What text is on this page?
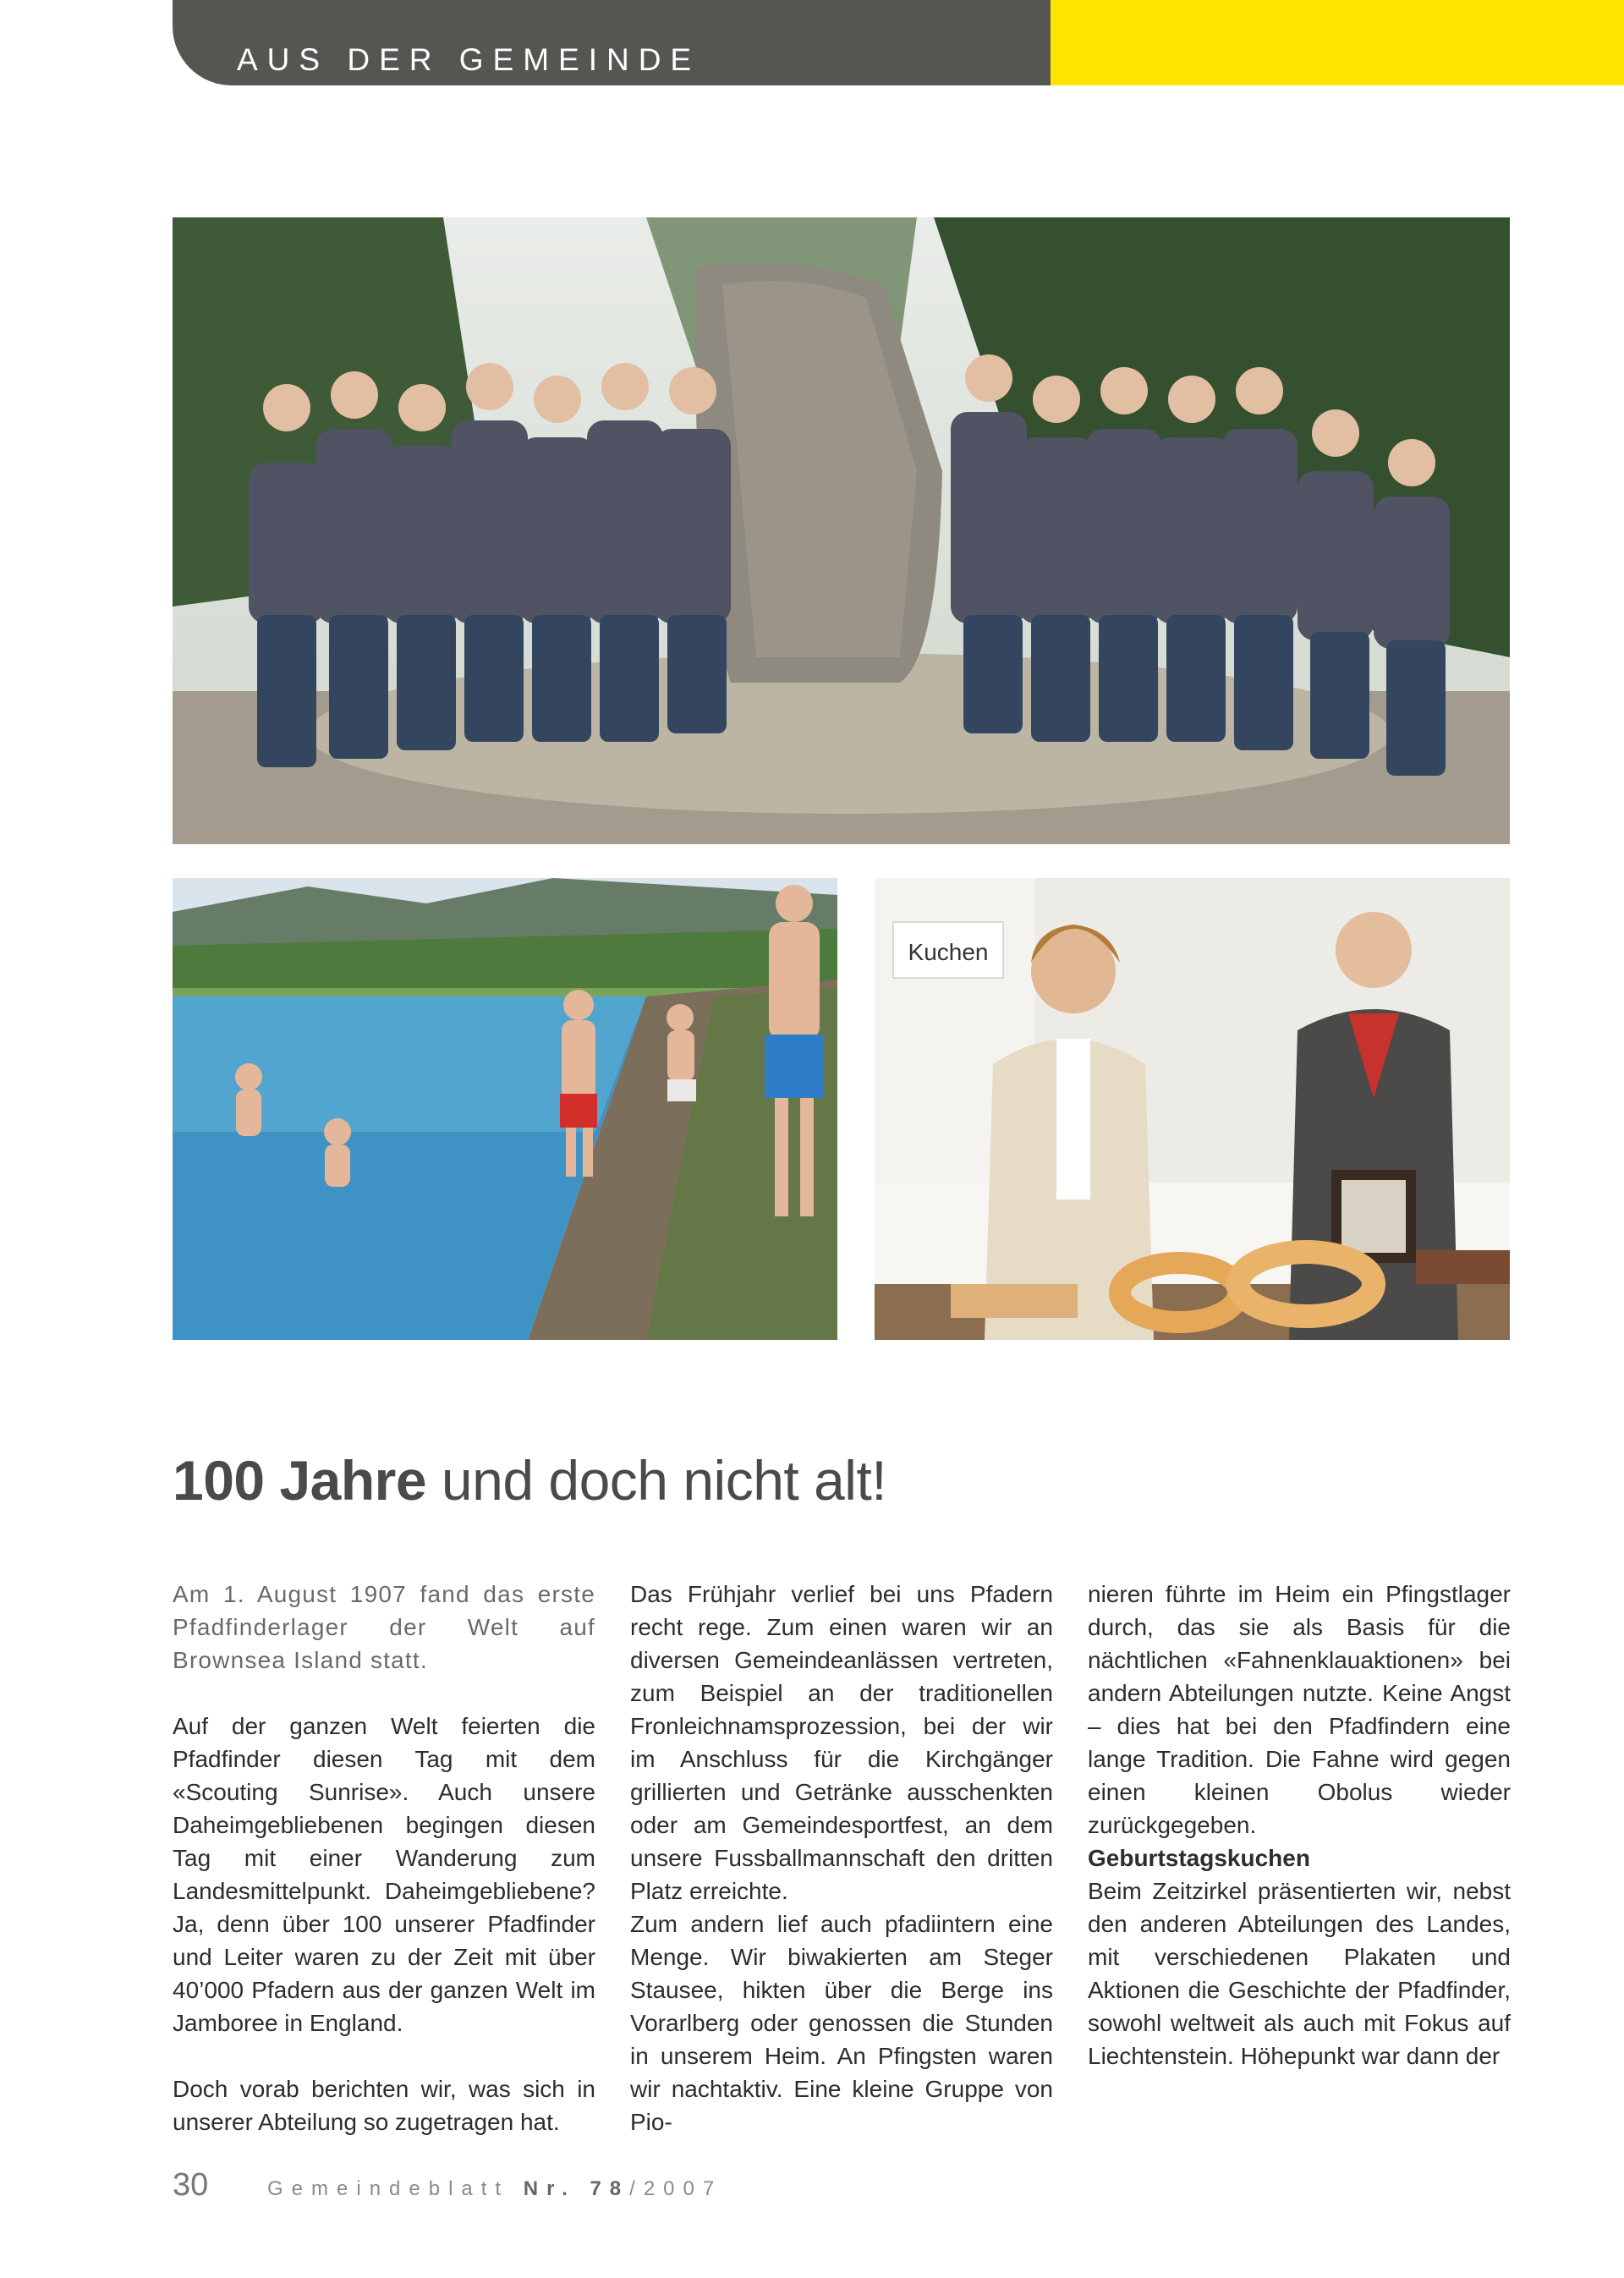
AUS DER GEMEINDE
Kuchen
100 Jahre und doch nicht alt!

Am 1. August 1907 fand das erste Pfadfinderlager der Welt auf Brownsea Island statt.

Auf der ganzen Welt feierten die Pfadfinder diesen Tag mit dem «Scouting Sunrise». Auch unsere Daheimgebliebenen begingen diesen Tag mit einer Wanderung zum Landesmittelpunkt. Daheimgebliebene? Ja, denn über 100 unserer Pfadfinder und Leiter waren zu der Zeit mit über 40’000 Pfadern aus der ganzen Welt im Jamboree in England.

Doch vorab berichten wir, was sich in unserer Abteilung so zugetragen hat.

Das Frühjahr verlief bei uns Pfadern recht rege. Zum einen waren wir an diversen Gemeindeanlässen vertreten, zum Beispiel an der traditionellen Fronleichnamsprozession, bei der wir im Anschluss für die Kirchgänger grillierten und Getränke ausschenkten oder am Gemeindesportfest, an dem unsere Fussballmannschaft den dritten Platz erreichte.

Zum andern lief auch pfadiintern eine Menge. Wir biwakierten am Steger Stausee, hikten über die Berge ins Vorarlberg oder genossen die Stunden in unserem Heim. An Pfingsten waren wir nachtaktiv. Eine kleine Gruppe von Pio-

nieren führte im Heim ein Pfingstlager durch, das sie als Basis für die nächtlichen «Fahnenklauaktionen» bei andern Abteilungen nutzte. Keine Angst – dies hat bei den Pfadfindern eine lange Tradition. Die Fahne wird gegen einen kleinen Obolus wieder zurückgegeben.

Geburtstagskuchen

Beim Zeitzirkel präsentierten wir, nebst den anderen Abteilungen des Landes, mit verschiedenen Plakaten und Aktionen die Geschichte der Pfadfinder, sowohl weltweit als auch mit Fokus auf Liechtenstein. Höhepunkt war dann der

30	Gemeindeblatt Nr. 78/2007
